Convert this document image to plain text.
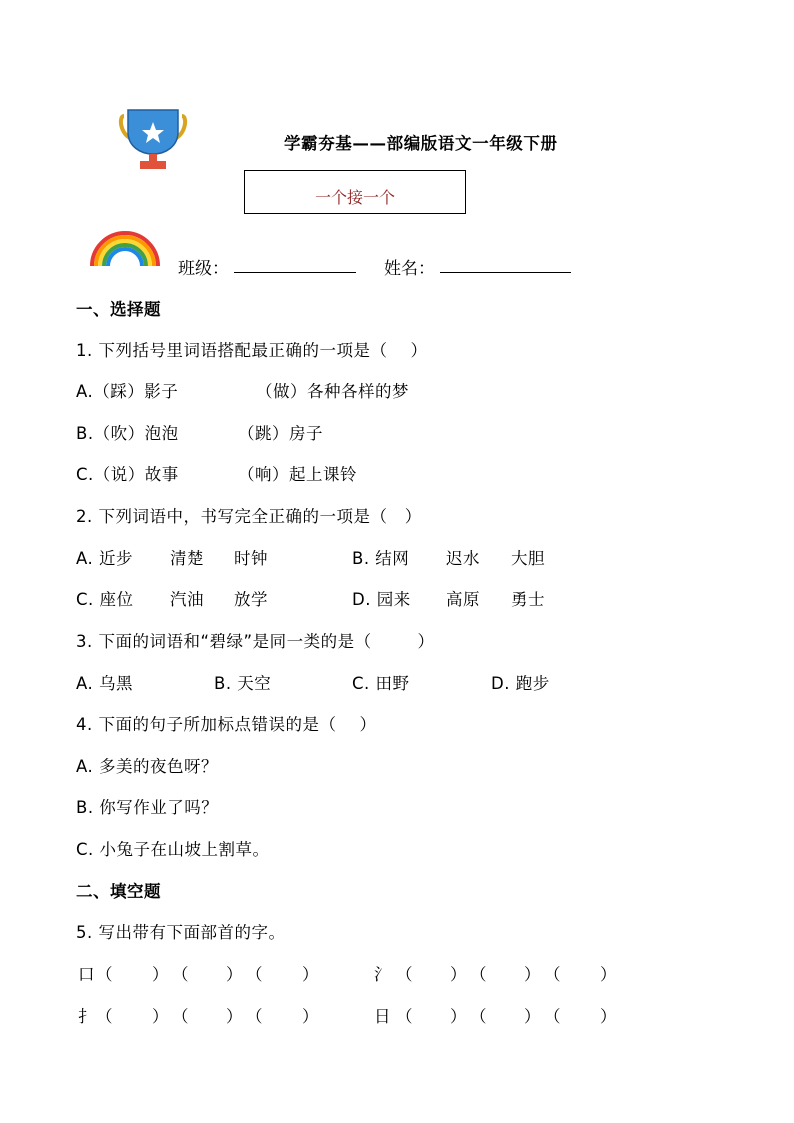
学霸夯基——部编版语文一年级下册
一个接一个
班级：	姓名：
一、选择题
1. 下列括号里词语搭配最正确的一项是（    ）
A.（踩）影子	（做）各种各样的梦
B.（吹）泡泡	（跳）房子
C.（说）故事	（响）起上课铃
2. 下列词语中，书写完全正确的一项是（   ）
A. 近步 清楚 时钟	B. 结网 迟水 大胆
C. 座位 汽油 放学	D. 园来 高原 勇士
3. 下面的词语和“碧绿”是同一类的是（        ）
A. 乌黑	B. 天空	C. 田野	D. 跑步
4. 下面的句子所加标点错误的是（    ）
A. 多美的夜色呀？
B. 你写作业了吗？
C. 小兔子在山坡上割草。
二、填空题
5. 写出带有下面部首的字。
口 （ ） （ ） （ ）	氵 （ ） （ ） （ ）
扌 （ ） （ ） （ ）	日 （ ） （ ） （ ）
